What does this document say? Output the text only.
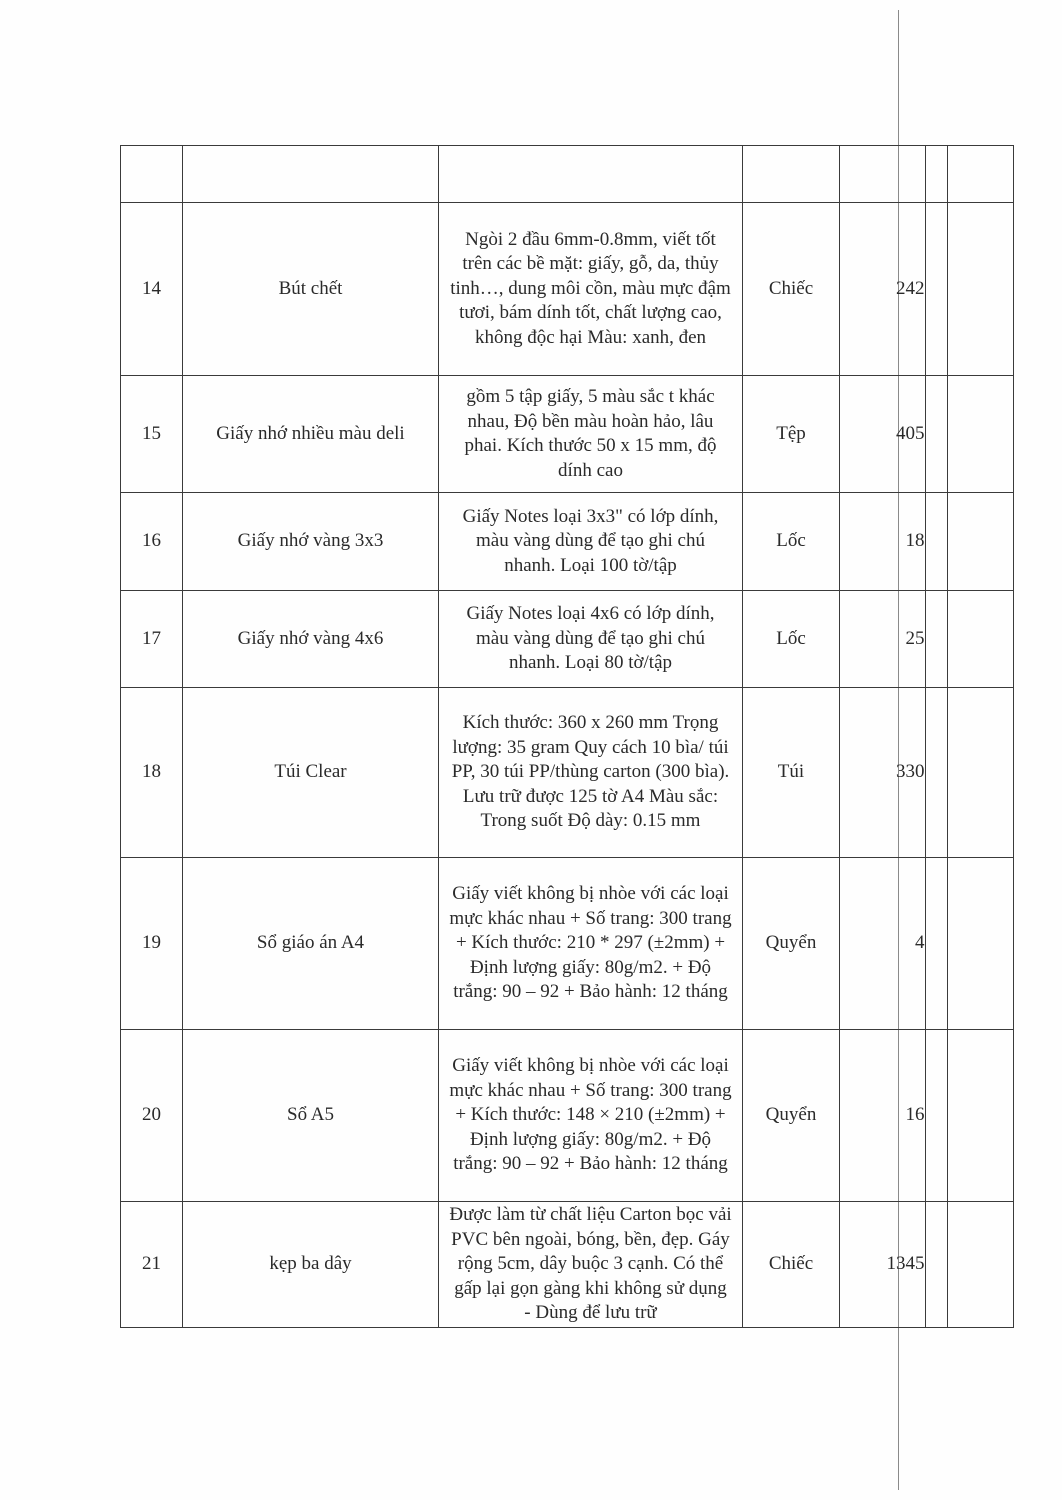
14	Bút chết	Ngòi 2 đầu 6mm-0.8mm, viết tốt trên các bề mặt: giấy, gỗ, da, thủy tinh…, dung môi cồn, màu mực đậm tươi, bám dính tốt, chất lượng cao, không độc hại Màu: xanh, đen	Chiếc	242		
15	Giấy nhớ nhiều màu deli	gồm 5 tập giấy, 5 màu sắc t khác nhau, Độ bền màu hoàn hảo, lâu phai. Kích thước 50 x 15 mm, độ dính cao	Tệp	405		
16	Giấy nhớ vàng 3x3	Giấy Notes loại 3x3" có lớp dính, màu vàng dùng để tạo ghi chú nhanh. Loại 100 tờ/tập	Lốc	18		
17	Giấy nhớ vàng 4x6	Giấy Notes loại 4x6 có lớp dính, màu vàng dùng để tạo ghi chú nhanh. Loại 80 tờ/tập	Lốc	25		
18	Túi Clear	Kích thước: 360 x 260 mm Trọng lượng: 35 gram Quy cách 10 bìa/ túi PP, 30 túi PP/thùng carton (300 bìa). Lưu trữ được 125 tờ A4 Màu sắc: Trong suốt Độ dày: 0.15 mm	Túi	330		
19	Sổ giáo án A4	Giấy viết không bị nhòe với các loại mực khác nhau + Số trang: 300 trang + Kích thước: 210 * 297 (±2mm) + Định lượng giấy: 80g/m2. + Độ trắng: 90 – 92 + Bảo hành: 12 tháng	Quyển	4		
20	Sổ A5	Giấy viết không bị nhòe với các loại mực khác nhau + Số trang: 300 trang + Kích thước: 148 × 210 (±2mm) + Định lượng giấy: 80g/m2. + Độ trắng: 90 – 92 + Bảo hành: 12 tháng	Quyển	16		
21	kẹp ba dây	Được làm từ chất liệu Carton bọc vải PVC bên ngoài, bóng, bền, đẹp. Gáy rộng 5cm, dây buộc 3 cạnh. Có thể gấp lại gọn gàng khi không sử dụng - Dùng để lưu trữ	Chiếc	1345		
